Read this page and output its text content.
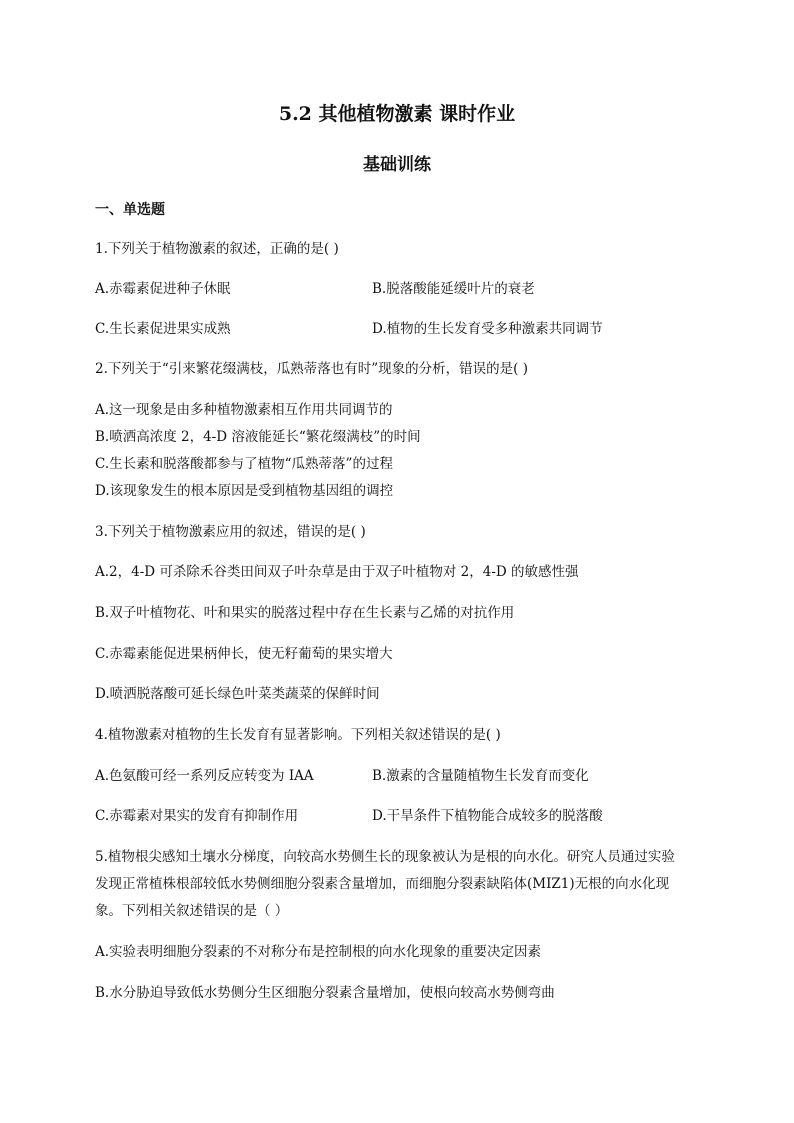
5.2 其他植物激素 课时作业
基础训练
一、单选题
1.下列关于植物激素的叙述，正确的是( )
A.赤霉素促进种子休眠	B.脱落酸能延缓叶片的衰老
C.生长素促进果实成熟	D.植物的生长发育受多种激素共同调节
2.下列关于“引来繁花缀满枝，瓜熟蒂落也有时”现象的分析，错误的是( )
A.这一现象是由多种植物激素相互作用共同调节的
B.喷洒高浓度 2，4-D 溶液能延长“繁花缀满枝”的时间
C.生长素和脱落酸都参与了植物“瓜熟蒂落”的过程
D.该现象发生的根本原因是受到植物基因组的调控
3.下列关于植物激素应用的叙述，错误的是( )
A.2，4-D 可杀除禾谷类田间双子叶杂草是由于双子叶植物对 2，4-D 的敏感性强
B.双子叶植物花、叶和果实的脱落过程中存在生长素与乙烯的对抗作用
C.赤霉素能促进果柄伸长，使无籽葡萄的果实增大
D.喷洒脱落酸可延长绿色叶菜类蔬菜的保鲜时间
4.植物激素对植物的生长发育有显著影响。下列相关叙述错误的是( )
A.色氨酸可经一系列反应转变为 IAA	B.激素的含量随植物生长发育而变化
C.赤霉素对果实的发育有抑制作用	D.干旱条件下植物能合成较多的脱落酸
5.植物根尖感知土壤水分梯度，向较高水势侧生长的现象被认为是根的向水化。研究人员通过实验
发现正常植株根部较低水势侧细胞分裂素含量增加，而细胞分裂素缺陷体(MIZ1)无根的向水化现
象。下列相关叙述错误的是（ ）
A.实验表明细胞分裂素的不对称分布是控制根的向水化现象的重要决定因素
B.水分胁迫导致低水势侧分生区细胞分裂素含量增加，使根向较高水势侧弯曲
